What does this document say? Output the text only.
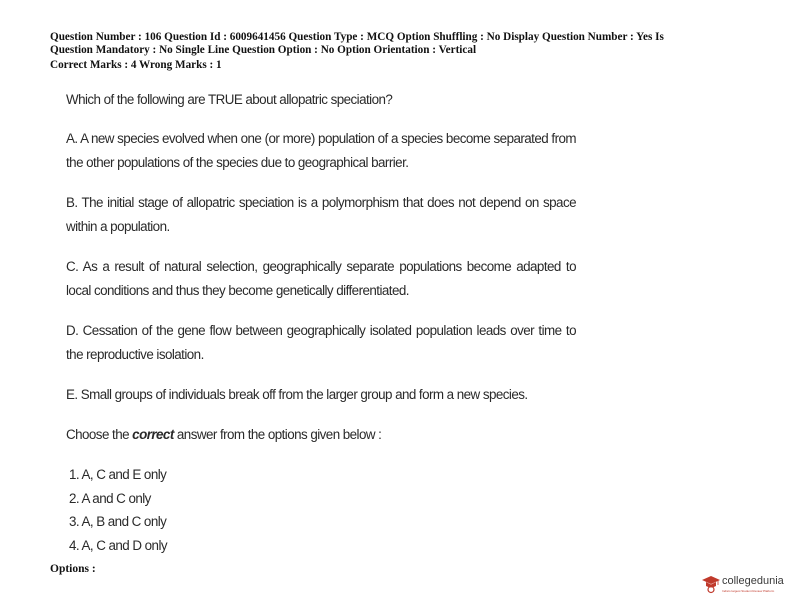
Question Number : 106 Question Id : 6009641456 Question Type : MCQ Option Shuffling : No Display Question Number : Yes Is
Question Mandatory : No Single Line Question Option : No Option Orientation : Vertical
Correct Marks : 4 Wrong Marks : 1

Which of the following are TRUE about allopatric speciation?

A. A new species evolved when one (or more) population of a species become separated from the other populations of the species due to geographical barrier.

B. The initial stage of allopatric speciation is a polymorphism that does not depend on space within a population.

C. As a result of natural selection, geographically separate populations become adapted to local conditions and thus they become genetically differentiated.

D. Cessation of the gene flow between geographically isolated population leads over time to the reproductive isolation.

E. Small groups of individuals break off from the larger group and form a new species.

Choose the correct answer from the options given below :

1. A, C and E only
2. A and C only
3. A, B and C only
4. A, C and D only
Options :
collegedunia
India's largest Student Review Platform
